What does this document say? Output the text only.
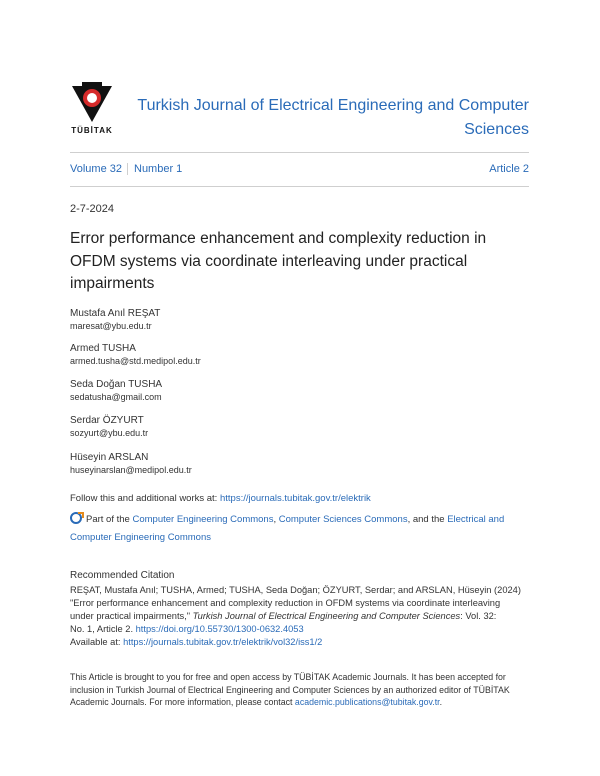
TÜBİTAK
Turkish Journal of Electrical Engineering and Computer
Sciences
Volume 32 Number 1	Article 2
2-7-2024
Error performance enhancement and complexity reduction in
OFDM systems via coordinate interleaving under practical
impairments
Mustafa Anıl REŞAT
maresat@ybu.edu.tr
Armed TUSHA
armed.tusha@std.medipol.edu.tr
Seda Doğan TUSHA
sedatusha@gmail.com
Serdar ÖZYURT
sozyurt@ybu.edu.tr
Hüseyin ARSLAN
huseyinarslan@medipol.edu.tr
Follow this and additional works at: https://journals.tubitak.gov.tr/elektrik
Part of the Computer Engineering Commons, Computer Sciences Commons, and the Electrical and
Computer Engineering Commons
Recommended Citation
REŞAT, Mustafa Anıl; TUSHA, Armed; TUSHA, Seda Doğan; ÖZYURT, Serdar; and ARSLAN, Hüseyin (2024)
"Error performance enhancement and complexity reduction in OFDM systems via coordinate interleaving
under practical impairments," Turkish Journal of Electrical Engineering and Computer Sciences: Vol. 32:
No. 1, Article 2. https://doi.org/10.55730/1300-0632.4053
Available at: https://journals.tubitak.gov.tr/elektrik/vol32/iss1/2
This Article is brought to you for free and open access by TÜBİTAK Academic Journals. It has been accepted for
inclusion in Turkish Journal of Electrical Engineering and Computer Sciences by an authorized editor of TÜBİTAK
Academic Journals. For more information, please contact academic.publications@tubitak.gov.tr.
